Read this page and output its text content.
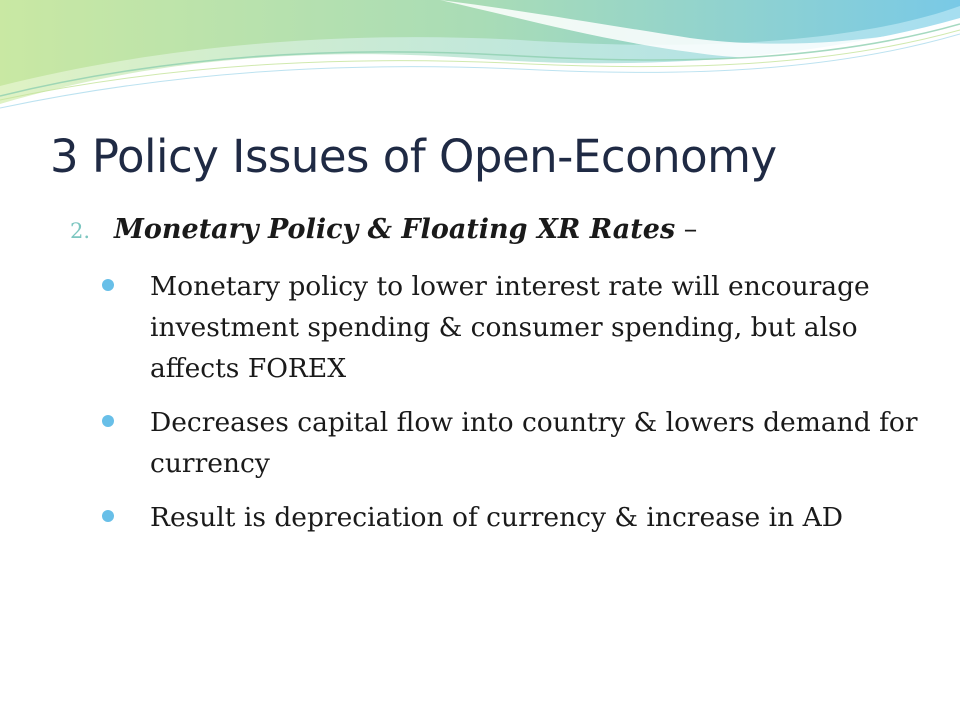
3 Policy Issues of Open-Economy
2. Monetary Policy & Floating XR Rates –
Monetary policy to lower interest rate will encourage investment spending & consumer spending, but also affects FOREX
Decreases capital flow into country & lowers demand for currency
Result is depreciation of currency & increase in AD
